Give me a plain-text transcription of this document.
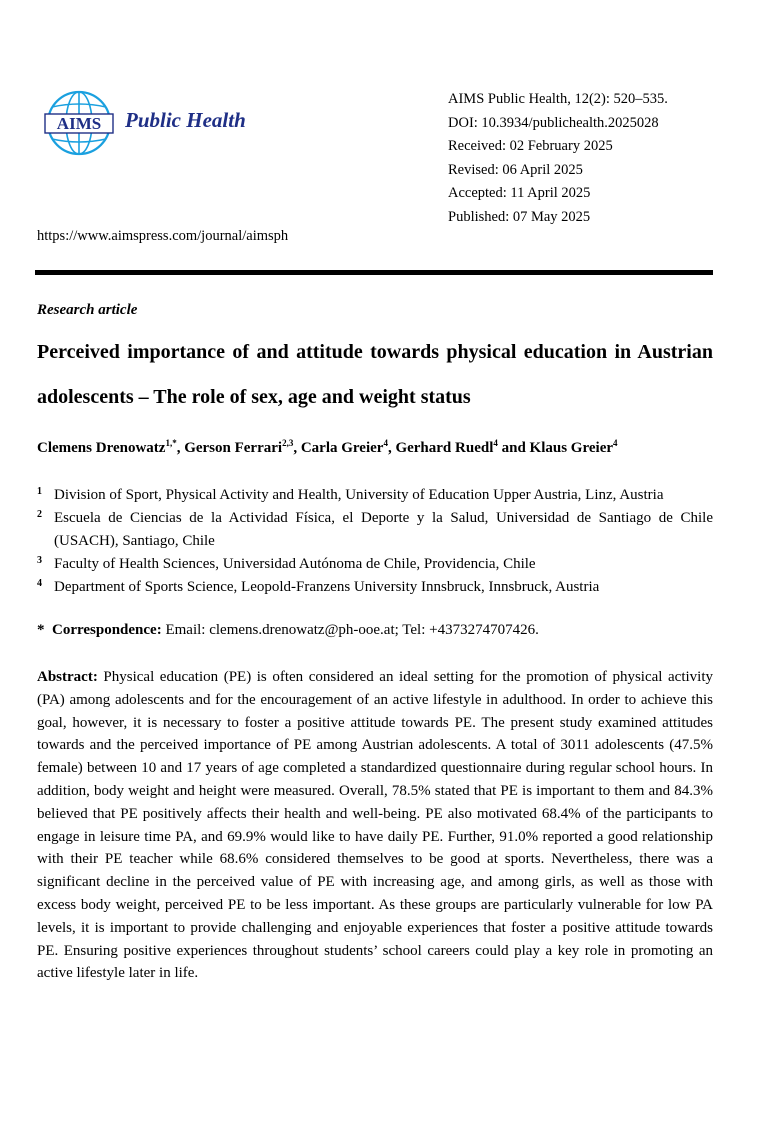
AIMS Public Health
AIMS Public Health, 12(2): 520–535.
DOI: 10.3934/publichealth.2025028
Received: 02 February 2025
Revised: 06 April 2025
Accepted: 11 April 2025
Published: 07 May 2025
https://www.aimspress.com/journal/aimsph
Research article
Perceived importance of and attitude towards physical education in Austrian adolescents – The role of sex, age and weight status
Clemens Drenowatz$^{1,*}$, Gerson Ferrari$^{2,3}$, Carla Greier$^4$, Gerhard Ruedl$^4$ and Klaus Greier$^4$
1 Division of Sport, Physical Activity and Health, University of Education Upper Austria, Linz, Austria
2 Escuela de Ciencias de la Actividad Física, el Deporte y la Salud, Universidad de Santiago de Chile
(USACH), Santiago, Chile
3 Faculty of Health Sciences, Universidad Autónoma de Chile, Providencia, Chile
4 Department of Sports Science, Leopold-Franzens University Innsbruck, Innsbruck, Austria
* Correspondence: Email: clemens.drenowatz@ph-ooe.at; Tel: +4373274707426.
Abstract: Physical education (PE) is often considered an ideal setting for the promotion of physical activity (PA) among adolescents and for the encouragement of an active lifestyle in adulthood. In order to achieve this goal, however, it is necessary to foster a positive attitude towards PE. The present study examined attitudes towards and the perceived importance of PE among Austrian adolescents. A total of 3011 adolescents (47.5% female) between 10 and 17 years of age completed a standardized questionnaire during regular school hours. In addition, body weight and height were measured. Overall, 78.5% stated that PE is important to them and 84.3% believed that PE positively affects their health and well-being. PE also motivated 68.4% of the participants to engage in leisure time PA, and 69.9% would like to have daily PE. Further, 91.0% reported a good relationship with their PE teacher while 68.6% considered themselves to be good at sports. Nevertheless, there was a significant decline in the perceived value of PE with increasing age, and among girls, as well as those with excess body weight, perceived PE to be less important. As these groups are particularly vulnerable for low PA levels, it is important to provide challenging and enjoyable experiences that foster a positive attitude towards PE. Ensuring positive experiences throughout students’ school careers could play a key role in promoting an active lifestyle later in life.
